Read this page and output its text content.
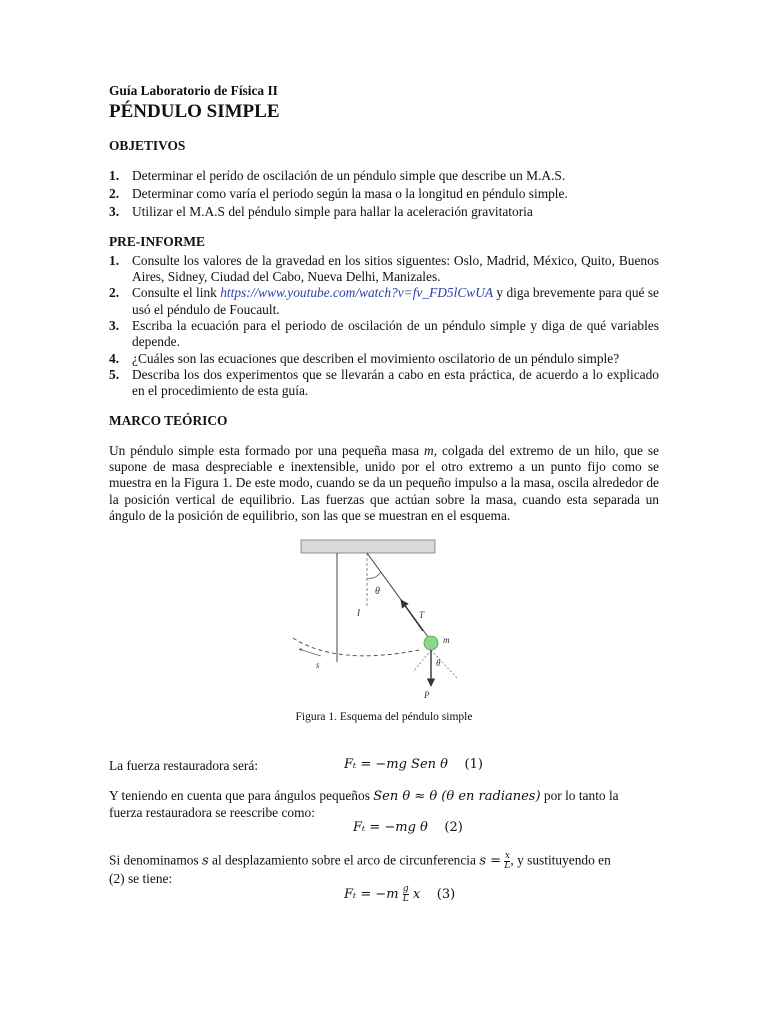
Guía Laboratorio de Física II

PÉNDULO SIMPLE

OBJETIVOS

1. Determinar el perído de oscilación de un péndulo simple que describe un M.A.S.
2. Determinar como varía el periodo según la masa o la longitud en péndulo simple.
3. Utilizar el M.A.S del péndulo simple para hallar la aceleración gravitatoria

PRE-INFORME

1. Consulte los valores de la gravedad en los sitios siguentes: Oslo, Madrid, México, Quito, Buenos Aires, Sidney, Ciudad del Cabo, Nueva Delhi, Manizales.
2. Consulte el link https://www.youtube.com/watch?v=fv_FD5lCwUA y diga brevemente para qué se usó el péndulo de Foucault.
3. Escriba la ecuación para el periodo de oscilación de un péndulo simple y diga de qué variables depende.
4. ¿Cuáles son las ecuaciones que describen el movimiento oscilatorio de un péndulo simple?
5. Describa los dos experimentos que se llevarán a cabo en esta práctica, de acuerdo a lo explicado en el procedimiento de esta guía.

MARCO TEÓRICO

Un péndulo simple esta formado por una pequeña masa m, colgada del extremo de un hilo, que se supone de masa despreciable e inextensible, unido por el otro extremo a un punto fijo como se muestra en la Figura 1. De este modo, cuando se da un pequeño impulso a la masa, oscila alrededor de la posición vertical de equilibrio. Las fuerzas que actúan sobre la masa, cuando esta separada un ángulo de la posición de equilibrio, son las que se muestran en el esquema.

θ
l	T
s
m
θ
P
Figura 1. Esquema del péndulo simple
La fuerza restauradora será:	Fₜ = −mg Sen θ (1)
Y teniendo en cuenta que para ángulos pequeños Sen θ ≈ θ (θ en radianes) por lo tanto la
fuerza restauradora se reescribe como:
Fₜ = −mg θ (2)
Si denominamos s al desplazamiento sobre el arco de circunferencia $s = \frac{x}{L}$ , y sustituyendo en
(2) se tiene:
$F_t = -m \frac{g}{L}$ x (3)
